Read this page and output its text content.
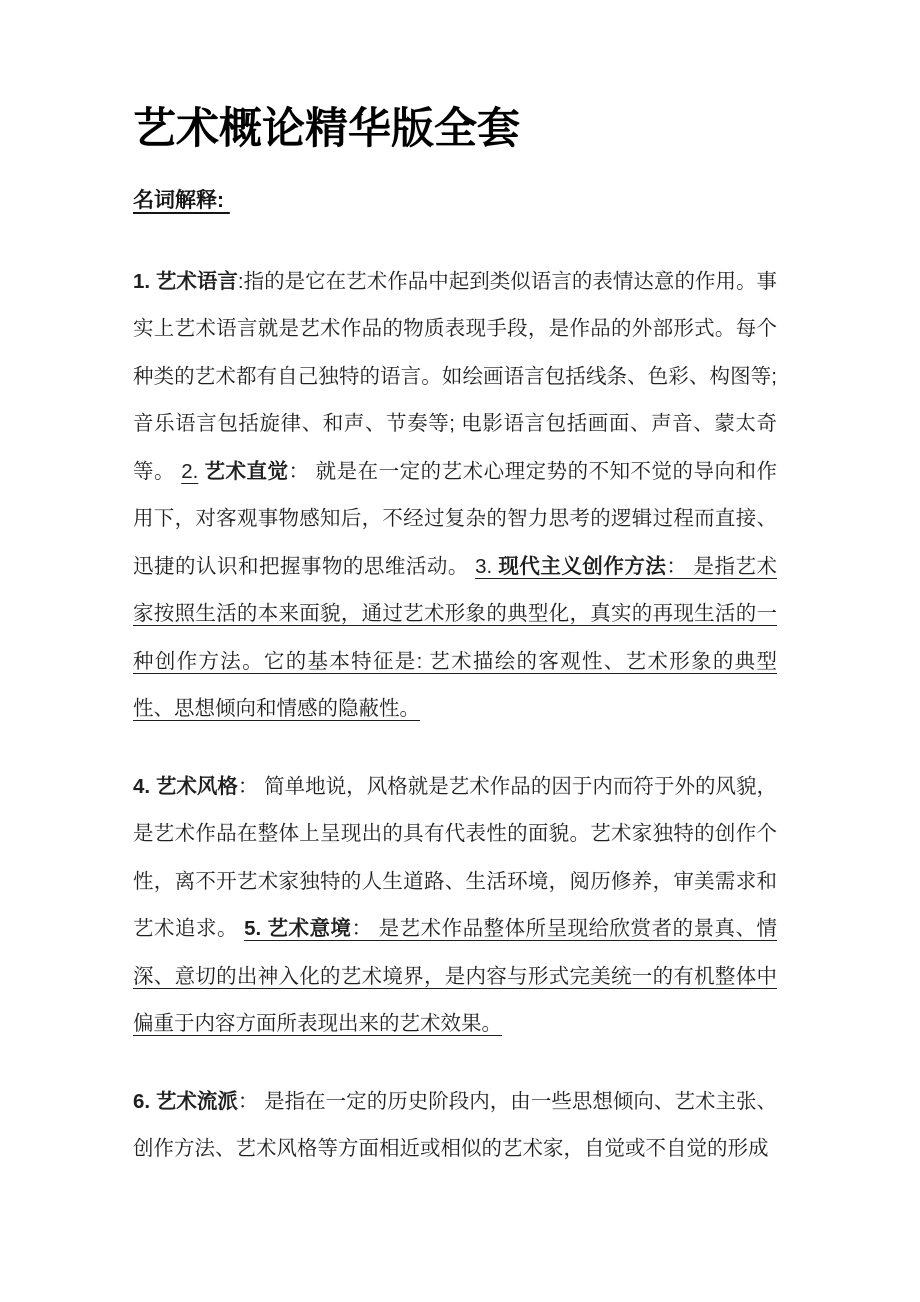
艺术概论精华版全套
名词解释:

1. 艺术语言:指的是它在艺术作品中起到类似语言的表情达意的作用。事实上艺术语言就是艺术作品的物质表现手段，是作品的外部形式。每个种类的艺术都有自己独特的语言。如绘画语言包括线条、色彩、构图等; 音乐语言包括旋律、和声、节奏等; 电影语言包括画面、声音、蒙太奇等。 2. 艺术直觉： 就是在一定的艺术心理定势的不知不觉的导向和作用下，对客观事物感知后，不经过复杂的智力思考的逻辑过程而直接、迅捷的认识和把握事物的思维活动。 3. 现代主义创作方法： 是指艺术家按照生活的本来面貌，通过艺术形象的典型化，真实的再现生活的一种创作方法。它的基本特征是: 艺术描绘的客观性、艺术形象的典型性、思想倾向和情感的隐蔽性。

4. 艺术风格： 简单地说，风格就是艺术作品的因于内而符于外的风貌，是艺术作品在整体上呈现出的具有代表性的面貌。艺术家独特的创作个性，离不开艺术家独特的人生道路、生活环境，阅历修养，审美需求和艺术追求。 5. 艺术意境： 是艺术作品整体所呈现给欣赏者的景真、情深、意切的出神入化的艺术境界，是内容与形式完美统一的有机整体中偏重于内容方面所表现出来的艺术效果。

6. 艺术流派： 是指在一定的历史阶段内，由一些思想倾向、艺术主张、创作方法、艺术风格等方面相近或相似的艺术家，自觉或不自觉的形成
